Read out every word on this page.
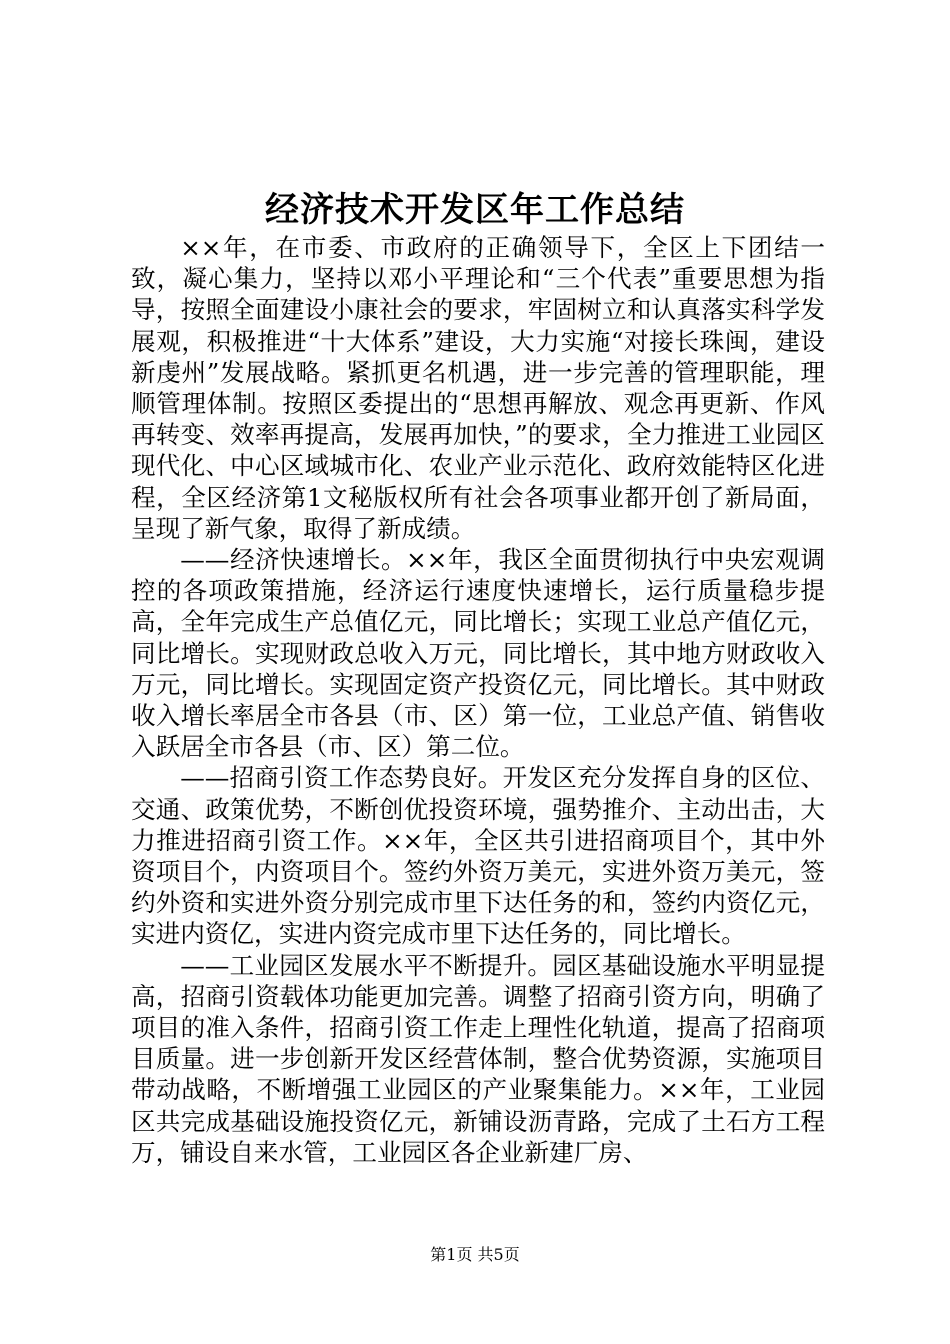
经济技术开发区年工作总结

××年，在市委、市政府的正确领导下，全区上下团结一致，凝心集力，坚持以邓小平理论和“三个代表”重要思想为指导，按照全面建设小康社会的要求，牢固树立和认真落实科学发展观，积极推进“十大体系”建设，大力实施“对接长珠闽，建设新虔州”发展战略。紧抓更名机遇，进一步完善的管理职能，理顺管理体制。按照区委提出的“思想再解放、观念再更新、作风再转变、效率再提高，发展再加快，”的要求，全力推进工业园区现代化、中心区域城市化、农业产业示范化、政府效能特区化进程，全区经济第1文秘版权所有社会各项事业都开创了新局面，呈现了新气象，取得了新成绩。

——经济快速增长。××年，我区全面贯彻执行中央宏观调控的各项政策措施，经济运行速度快速增长，运行质量稳步提高，全年完成生产总值亿元，同比增长；实现工业总产值亿元，同比增长。实现财政总收入万元，同比增长，其中地方财政收入万元，同比增长。实现固定资产投资亿元，同比增长。其中财政收入增长率居全市各县（市、区）第一位，工业总产值、销售收入跃居全市各县（市、区）第二位。

——招商引资工作态势良好。开发区充分发挥自身的区位、交通、政策优势，不断创优投资环境，强势推介、主动出击，大力推进招商引资工作。××年，全区共引进招商项目个，其中外资项目个，内资项目个。签约外资万美元，实进外资万美元，签约外资和实进外资分别完成市里下达任务的和，签约内资亿元，实进内资亿，实进内资完成市里下达任务的，同比增长。

——工业园区发展水平不断提升。园区基础设施水平明显提高，招商引资载体功能更加完善。调整了招商引资方向，明确了项目的准入条件，招商引资工作走上理性化轨道，提高了招商项目质量。进一步创新开发区经营体制，整合优势资源，实施项目带动战略，不断增强工业园区的产业聚集能力。××年，工业园区共完成基础设施投资亿元，新铺设沥青路，完成了土石方工程万，铺设自来水管，工业园区各企业新建厂房、

第1页 共5页
